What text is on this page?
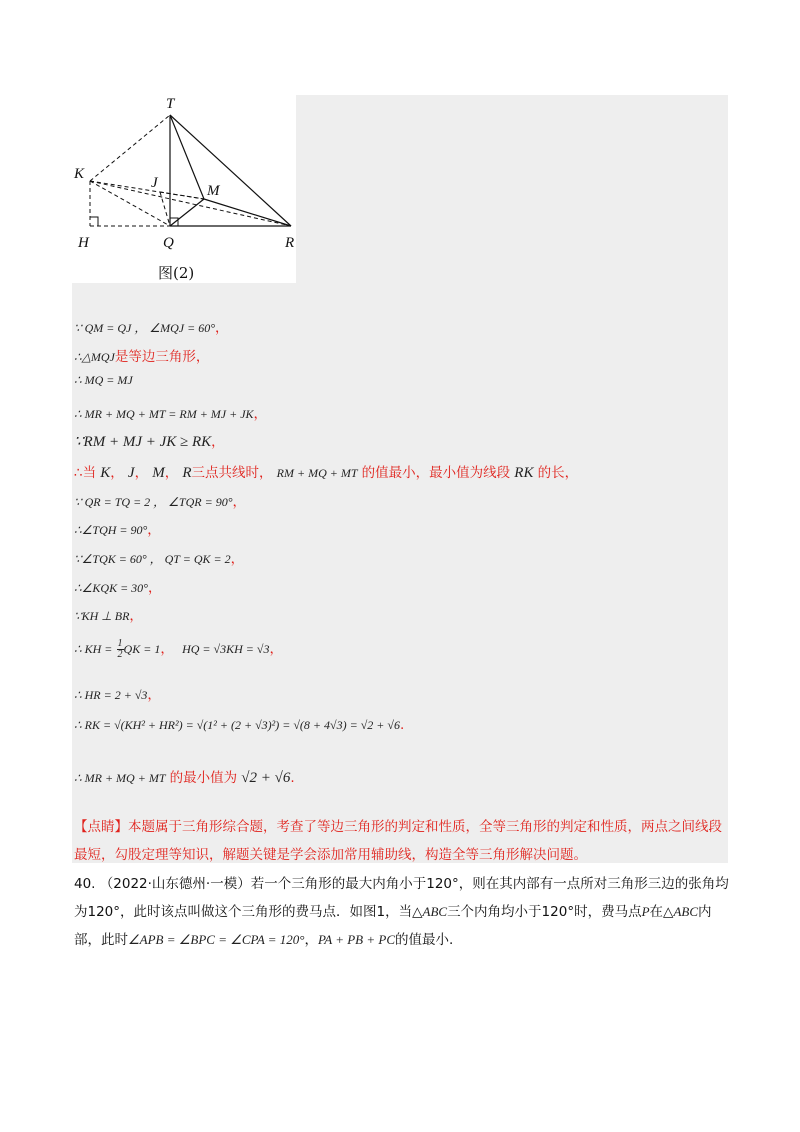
T
K
J	M
H	Q	R
图(2)
∵ QM = QJ ， ∠MQJ = 60°，
∴△MQJ是等边三角形，
∴ MQ = MJ
∴ MR + MQ + MT = RM + MJ + JK，
∵RM + MJ + JK ≥ RK，
∴当 K， J， M， R三点共线时， RM + MQ + MT 的值最小，最小值为线段 RK 的长，
∵ QR = TQ = 2 ， ∠TQR = 90°，
∴∠TQH = 90°，
∵∠TQK = 60° ， QT = QK = 2，
∴∠KQK = 30°，
∵KH ⊥ BR，
∴ KH = $\frac{1}{2}$ QK = 1， HQ = √3KH = √3，
∴ HR = 2 + √3，
∴ RK = √(KH² + HR²) = √(1² + (2 + √3)²) = √(8 + 4√3) = √2 + √6.
∴ MR + MQ + MT 的最小值为 √2 + √6.
【点睛】本题属于三角形综合题，考查了等边三角形的判定和性质，全等三角形的判定和性质，两点之间线段最短，勾股定理等知识，解题关键是学会添加常用辅助线，构造全等三角形解决问题。
40. （2022·山东德州·一模）若一个三角形的最大内角小于120°，则在其内部有一点所对三角形三边的张角均为120°，此时该点叫做这个三角形的费马点．如图1，当△ABC三个内角均小于120°时，费马点P在△ABC内部，此时∠APB = ∠BPC = ∠CPA = 120°，PA + PB + PC的值最小.
